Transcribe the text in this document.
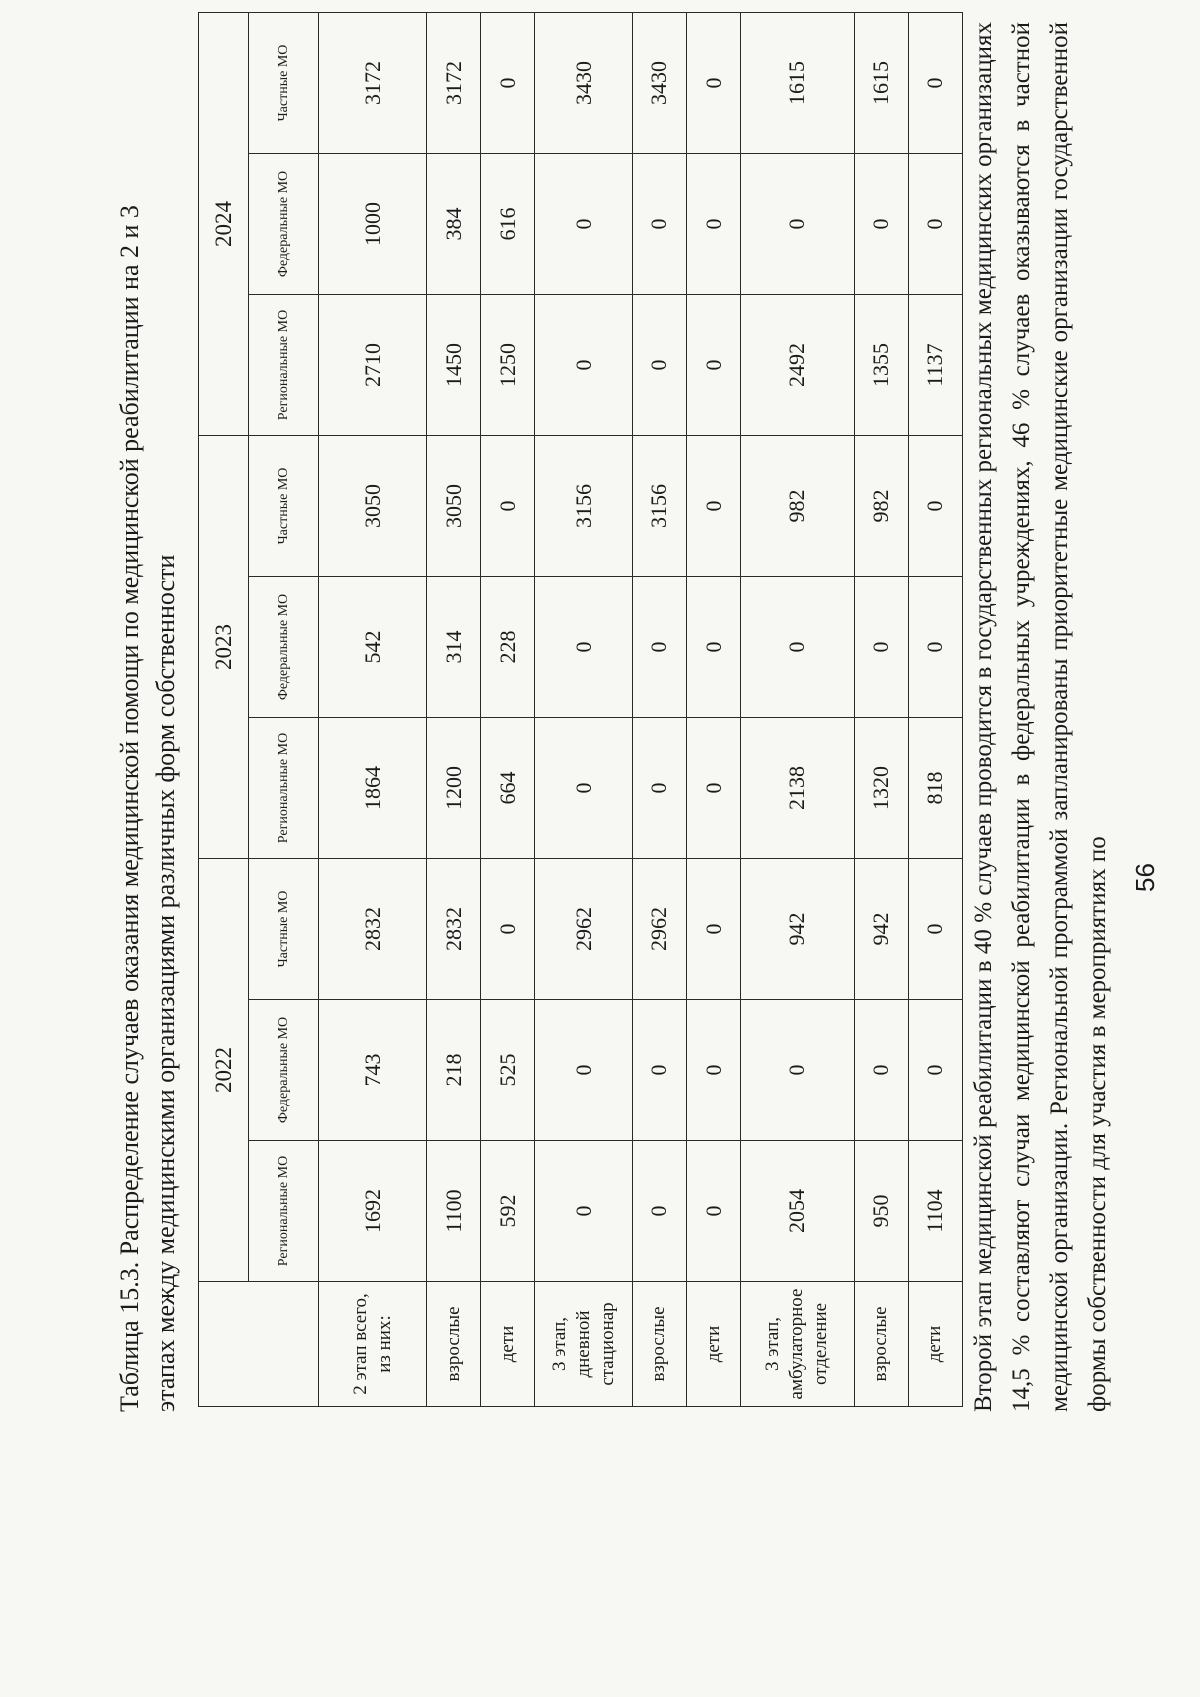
56

Таблица 15.3. Распределение случаев оказания медицинской помощи по медицинской реабилитации на 2 и 3 этапах между медицинскими организациями различных форм собственности

	2022			2023			2024		
	Региональные МО	Федеральные МО	Частные МО	Региональные МО	Федеральные МО	Частные МО	Региональные МО	Федеральные МО	Частные МО
2 этап всего, из них:	1692	743	2832	1864	542	3050	2710	1000	3172
взрослые	1100	218	2832	1200	314	3050	1450	384	3172
дети	592	525	0	664	228	0	1250	616	0
3 этап, дневной стационар	0	0	2962	0	0	3156	0	0	3430
взрослые	0	0	2962	0	0	3156	0	0	3430
дети	0	0	0	0	0	0	0	0	0
3 этап, амбулаторное отделение	2054	0	942	2138	0	982	2492	0	1615
взрослые	950	0	942	1320	0	982	1355	0	1615
дети	1104	0	0	818	0	0	1137	0	0 Второй этап медицинской реабилитации в 40 % случаев проводится в государственных региональных медицинских организациях 14,5 % составляют случаи медицинской реабилитации в федеральных учреждениях, 46 % случаев оказываются в частной медицинской организации. Региональной программой запланированы приоритетные медицинские организации государственной формы собственности для участия в мероприятиях по
